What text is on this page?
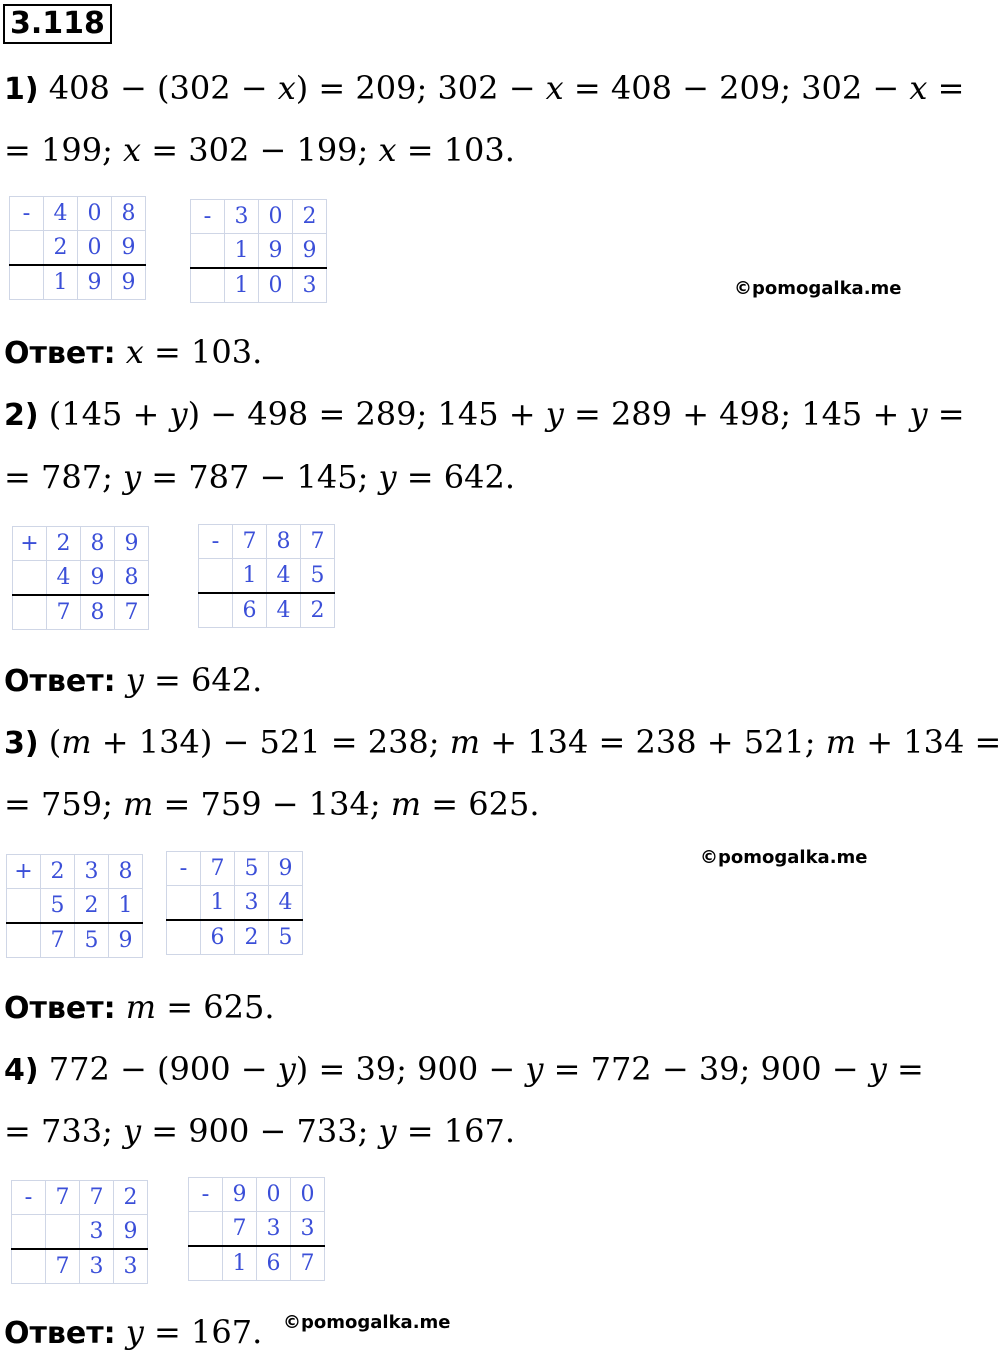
3.118
1) 408 − (302 − x) = 209; 302 − x = 408 − 209; 302 − x =
= 199; x = 302 − 199; x = 103.
-	4	0	8
	2	0	9
	1	9	9
-	3	0	2
	1	9	9
	1	0	3	©pomogalka.me
Ответ: x = 103.
2) (145 + y) − 498 = 289; 145 + y = 289 + 498; 145 + y =
= 787; y = 787 − 145; y = 642.
+	2	8	9
	4	9	8
	7	8	7
-	7	8	7
	1	4	5
	6	4	2
Ответ: y = 642.
3) (m + 134) − 521 = 238; m + 134 = 238 + 521; m + 134 =
= 759; m = 759 − 134; m = 625.
©pomogalka.me
+	2	3	8
	5	2	1
	7	5	9
-	7	5	9
	1	3	4
	6	2	5
Ответ: m = 625.
4) 772 − (900 − y) = 39; 900 − y = 772 − 39; 900 − y =
= 733; y = 900 − 733; y = 167.
-	7	7	2
		3	9
	7	3	3
-	9	0	0
	7	3	3
	1	6	7
Ответ: y = 167. ©pomogalka.me
